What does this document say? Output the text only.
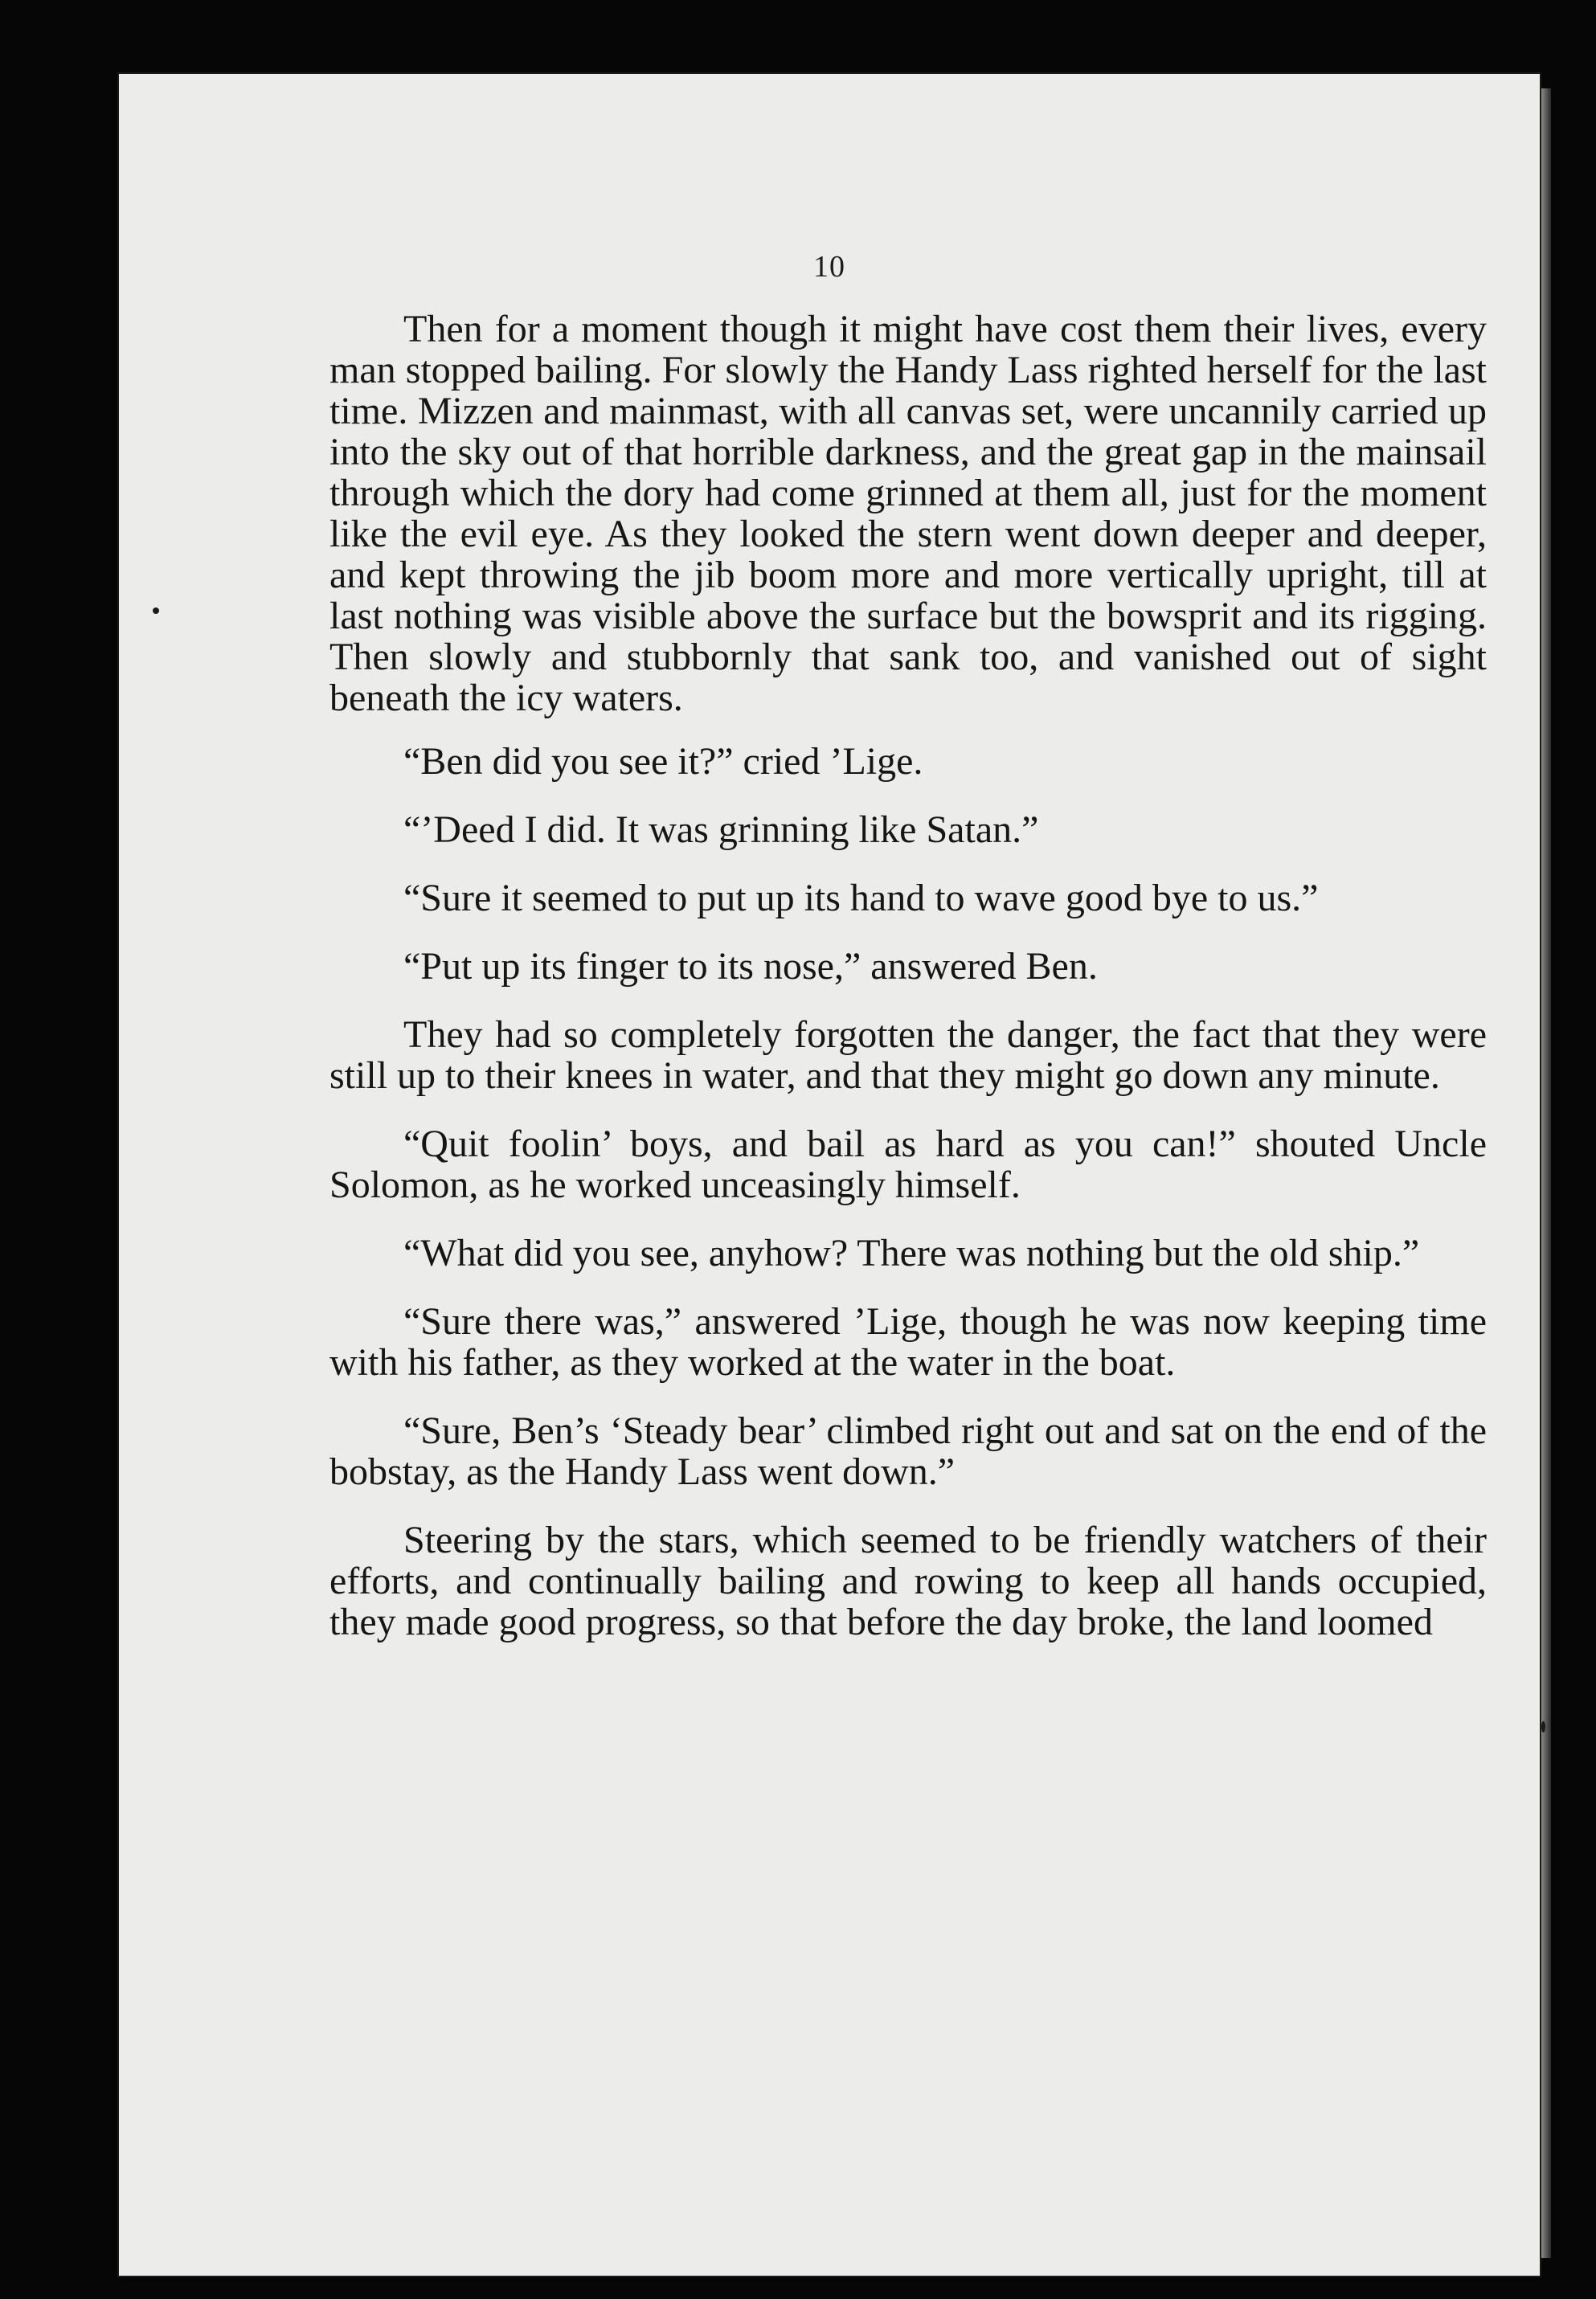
10

Then for a moment though it might have cost them their lives, every man stopped bailing. For slowly the Handy Lass righted herself for the last time. Mizzen and mainmast, with all canvas set, were uncannily carried up into the sky out of that horrible darkness, and the great gap in the mainsail through which the dory had come grinned at them all, just for the moment like the evil eye. As they looked the stern went down deeper and deeper, and kept throwing the jib boom more and more vertically upright, till at last nothing was visible above the surface but the bowsprit and its rigging. Then slowly and stubbornly that sank too, and vanished out of sight beneath the icy waters.

“Ben did you see it?” cried ’Lige.

“’Deed I did. It was grinning like Satan.”

“Sure it seemed to put up its hand to wave good bye to us.”

“Put up its finger to its nose,” answered Ben.

They had so completely forgotten the danger, the fact that they were still up to their knees in water, and that they might go down any minute.

“Quit foolin’ boys, and bail as hard as you can!” shouted Uncle Solomon, as he worked unceasingly himself.

“What did you see, anyhow? There was nothing but the old ship.”

“Sure there was,” answered ’Lige, though he was now keeping time with his father, as they worked at the water in the boat.

“Sure, Ben’s ‘Steady bear’ climbed right out and sat on the end of the bobstay, as the Handy Lass went down.”

Steering by the stars, which seemed to be friendly watchers of their efforts, and continually bailing and rowing to keep all hands occupied, they made good progress, so that before the day broke, the land loomed
